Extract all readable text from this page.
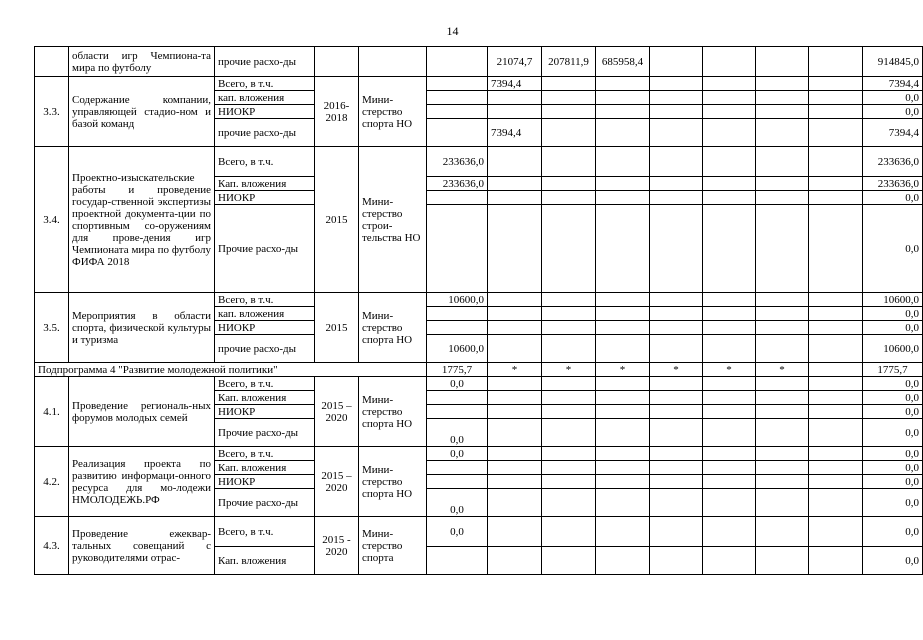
14
	области игр Чемпиона-та мира по футболу	прочие расхо-ды				21074,7	207811,9	685958,4					914845,0
3.3.	Содержание компании, управляющей стадио-ном и базой команд	Всего, в т.ч.	2016-2018	Мини-стерство спорта НО		7394,4							7394,4
		кап. вложения											0,0
		НИОКР											0,0
		прочие расхо-ды				7394,4							7394,4
3.4.	Проектно-изыскательские работы и проведение государ-ственной экспертизы проектной документа-ции по спортивным со-оружениям для прове-дения игр Чемпионата мира по футболу ФИФА 2018	Всего, в т.ч.	2015	Мини-стерство строи-тельства НО	233636,0								233636,0
		Кап. вложения			233636,0								233636,0
		НИОКР											0,0
		Прочие расхо-ды											0,0
3.5.	Мероприятия в области спорта, физической культуры и туризма	Всего, в т.ч.	2015	Мини-стерство спорта НО	10600,0								10600,0
		кап. вложения											0,0
		НИОКР											0,0
		прочие расхо-ды			10600,0								10600,0
Подпрограмма 4 "Развитие молодежной политики"					1775,7	*	*	*	*	*	*		1775,7
4.1.	Проведение региональ-ных форумов молодых семей	Всего, в т.ч.	2015 – 2020	Мини-стерство спорта НО	0,0								0,0
		Кап. вложения											0,0
		НИОКР											0,0
		Прочие расхо-ды			0,0								0,0
4.2.	Реализация проекта по развитию информаци-онного ресурса для мо-лодежи НМОЛОДЕЖЬ.РФ	Всего, в т.ч.	2015 – 2020	Мини-стерство спорта НО	0,0								0,0
		Кап. вложения											0,0
		НИОКР											0,0
		Прочие расхо-ды			0,0								0,0
4.3.	Проведение ежеквар-тальных совещаний с руководителями отрас-	Всего, в т.ч.	2015 - 2020	Мини-стерство спорта	0,0								0,0
		Кап. вложения											0,0
